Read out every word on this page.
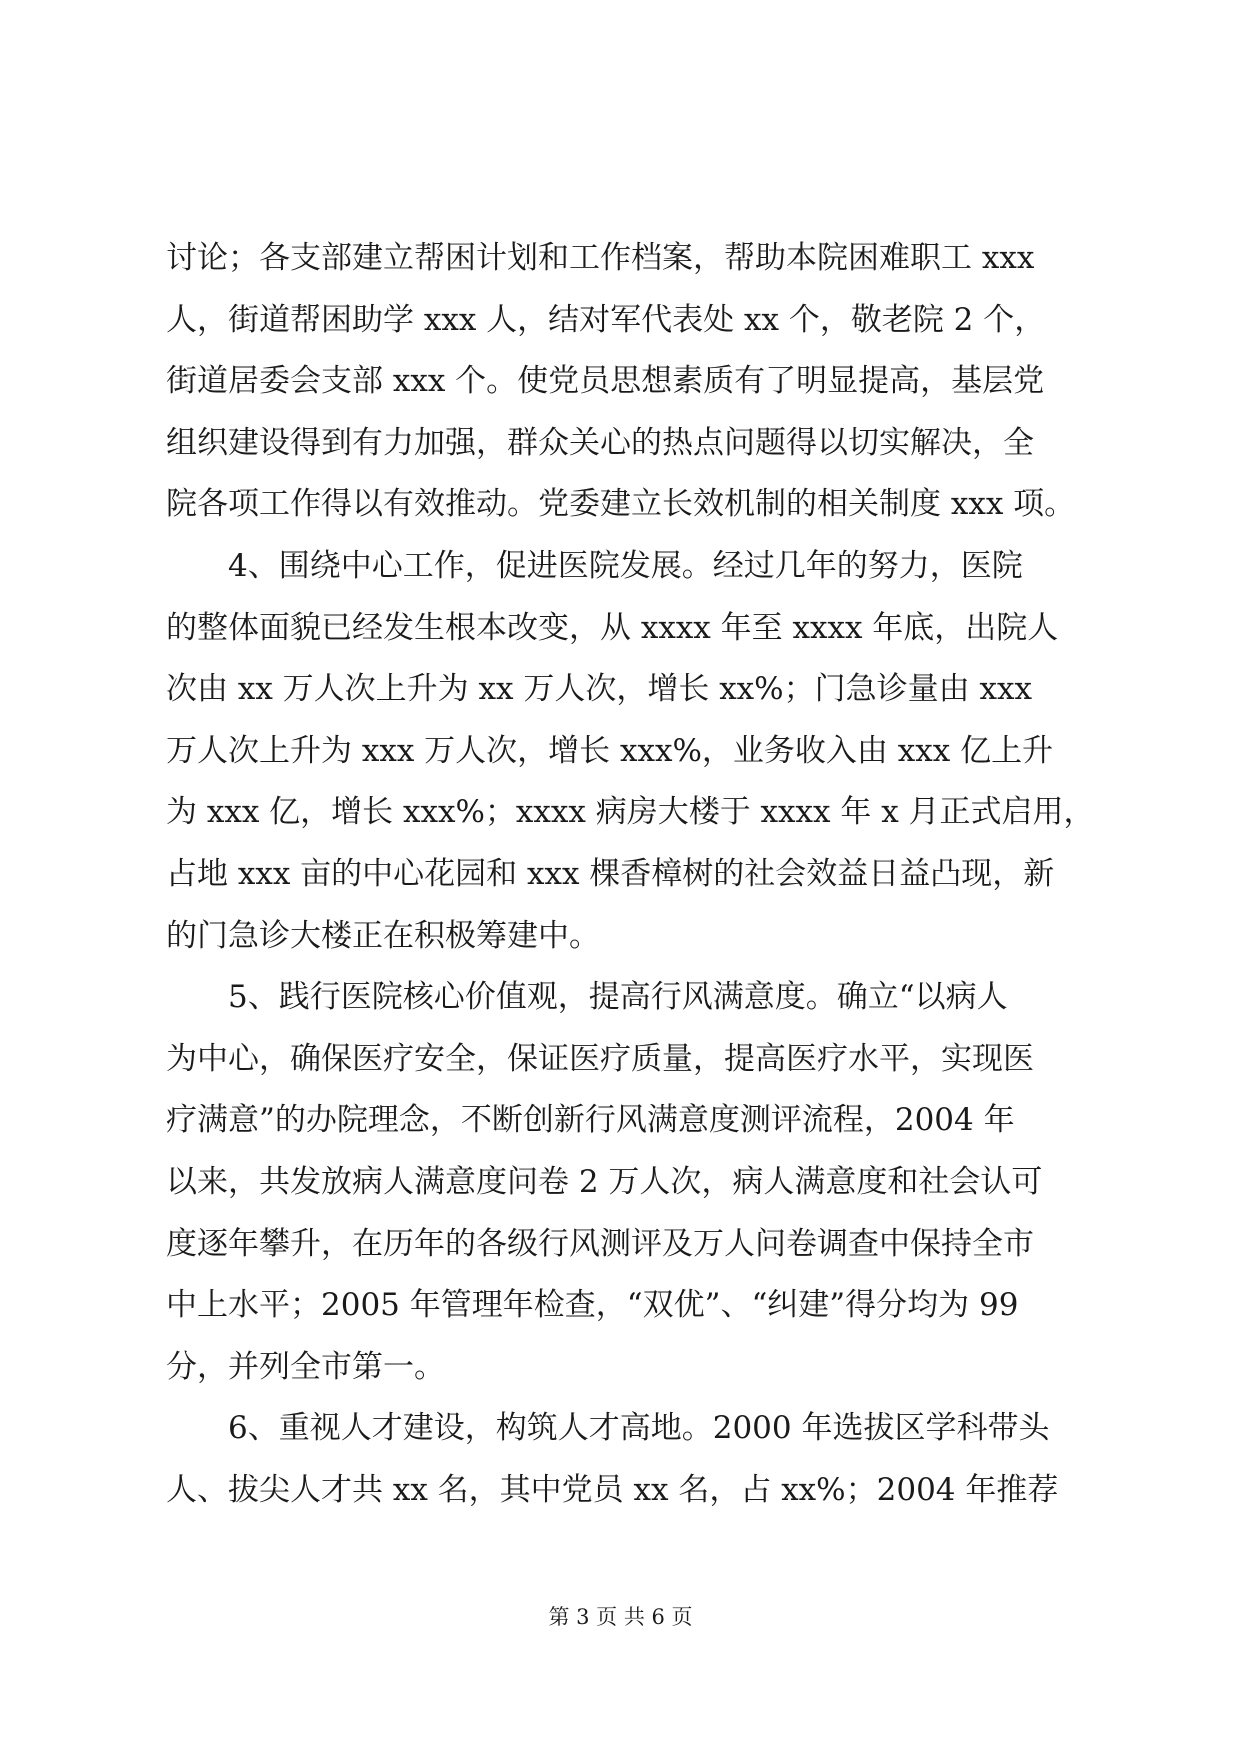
讨论；各支部建立帮困计划和工作档案，帮助本院困难职工 xxx
人，街道帮困助学 xxx 人，结对军代表处 xx 个，敬老院 2 个，
街道居委会支部 xxx 个。使党员思想素质有了明显提高，基层党
组织建设得到有力加强，群众关心的热点问题得以切实解决，全
院各项工作得以有效推动。党委建立长效机制的相关制度 xxx 项。
4、围绕中心工作，促进医院发展。经过几年的努力，医院
的整体面貌已经发生根本改变，从 xxxx 年至 xxxx 年底，出院人
次由 xx 万人次上升为 xx 万人次，增长 xx%；门急诊量由 xxx
万人次上升为 xxx 万人次，增长 xxx%，业务收入由 xxx 亿上升
为 xxx 亿，增长 xxx%；xxxx 病房大楼于 xxxx 年 x 月正式启用，
占地 xxx 亩的中心花园和 xxx 棵香樟树的社会效益日益凸现，新
的门急诊大楼正在积极筹建中。
5、践行医院核心价值观，提高行风满意度。确立“以病人
为中心，确保医疗安全，保证医疗质量，提高医疗水平，实现医
疗满意”的办院理念，不断创新行风满意度测评流程，2004 年
以来，共发放病人满意度问卷 2 万人次，病人满意度和社会认可
度逐年攀升，在历年的各级行风测评及万人问卷调查中保持全市
中上水平；2005 年管理年检查，“双优”、“纠建”得分均为 99
分，并列全市第一。
6、重视人才建设，构筑人才高地。2000 年选拔区学科带头
人、拔尖人才共 xx 名，其中党员 xx 名，占 xx%；2004 年推荐
第 3 页 共 6 页
